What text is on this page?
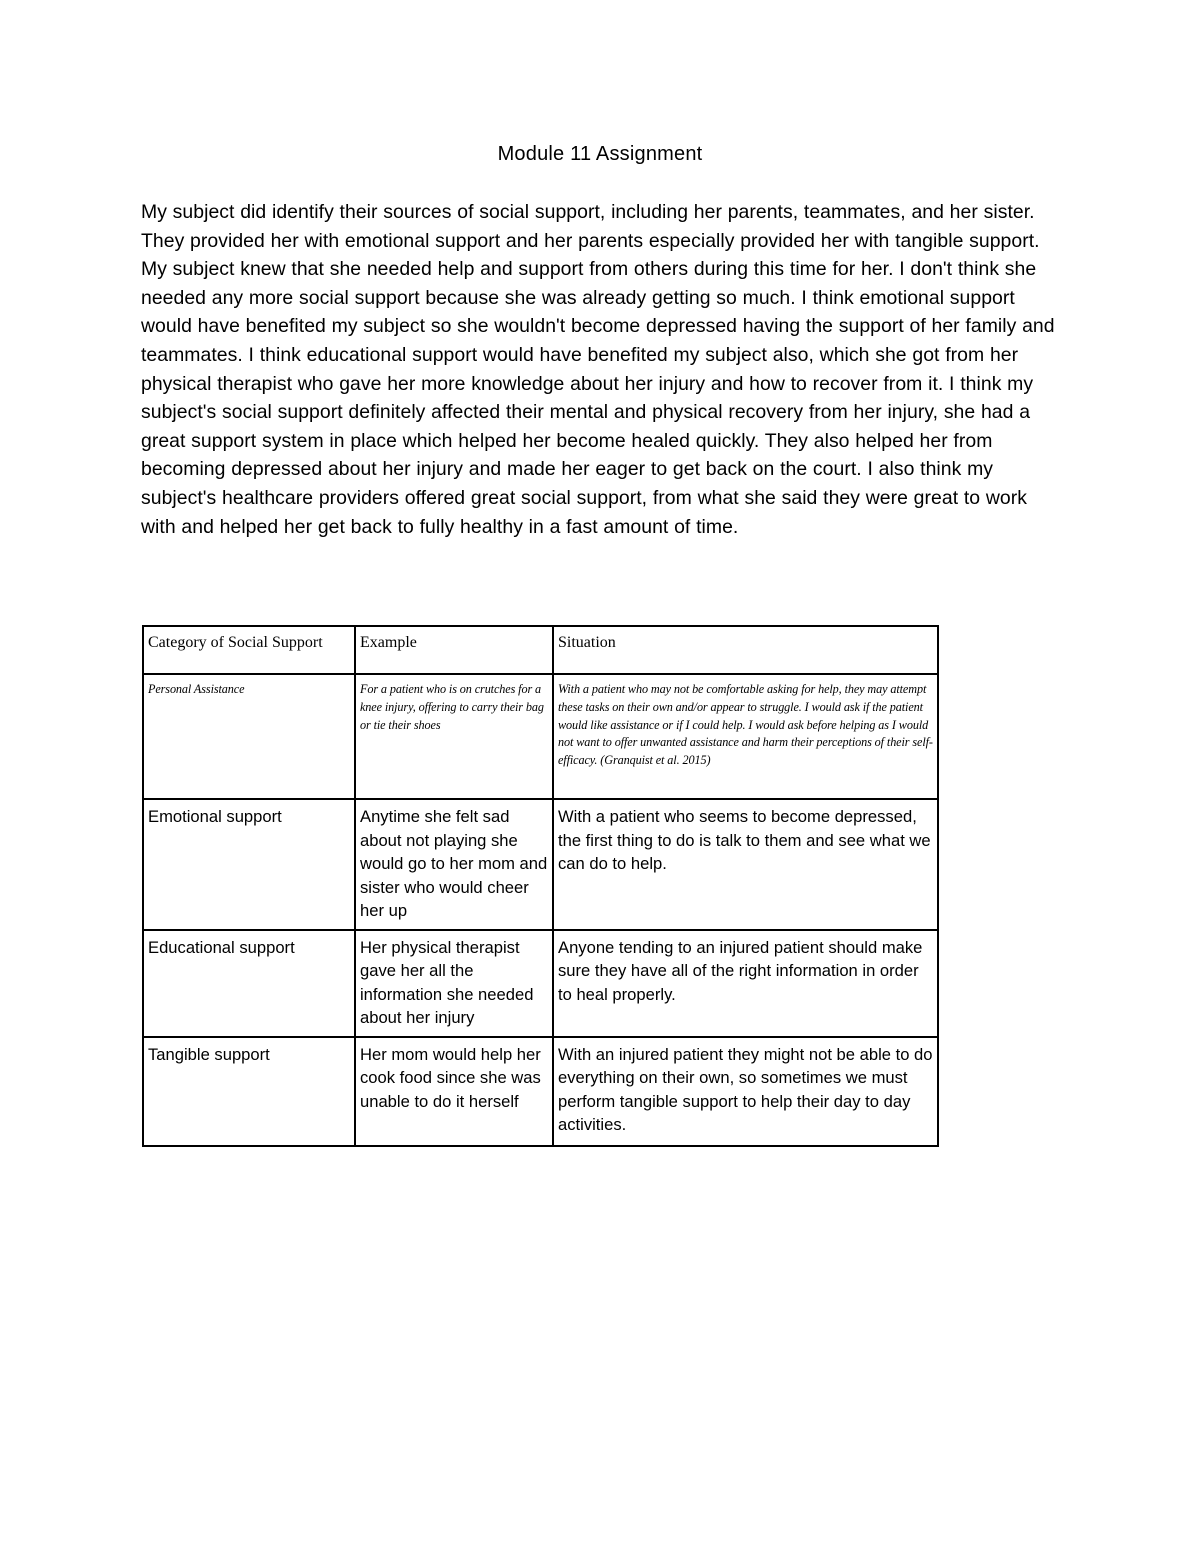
Module 11 Assignment

My subject did identify their sources of social support, including her parents, teammates, and her sister. They provided her with emotional support and her parents especially provided her with tangible support. My subject knew that she needed help and support from others during this time for her. I don't think she needed any more social support because she was already getting so much. I think emotional support would have benefited my subject so she wouldn't become depressed having the support of her family and teammates. I think educational support would have benefited my subject also, which she got from her physical therapist who gave her more knowledge about her injury and how to recover from it. I think my subject's social support definitely affected their mental and physical recovery from her injury, she had a great support system in place which helped her become healed quickly. They also helped her from becoming depressed about her injury and made her eager to get back on the court. I also think my subject's healthcare providers offered great social support, from what she said they were great to work with and helped her get back to fully healthy in a fast amount of time.

Category of Social Support	Example	Situation
Personal Assistance	For a patient who is on crutches for a knee injury, offering to carry their bag or tie their shoes	With a patient who may not be comfortable asking for help, they may attempt these tasks on their own and/or appear to struggle. I would ask if the patient would like assistance or if I could help. I would ask before helping as I would not want to offer unwanted assistance and harm their perceptions of their self-efficacy. (Granquist et al. 2015)
Emotional support	Anytime she felt sad about not playing she would go to her mom and sister who would cheer her up	With a patient who seems to become depressed, the first thing to do is talk to them and see what we can do to help.
Educational support	Her physical therapist gave her all the information she needed about her injury	Anyone tending to an injured patient should make sure they have all of the right information in order to heal properly.
Tangible support	Her mom would help her cook food since she was unable to do it herself	With an injured patient they might not be able to do everything on their own, so sometimes we must perform tangible support to help their day to day activities.
